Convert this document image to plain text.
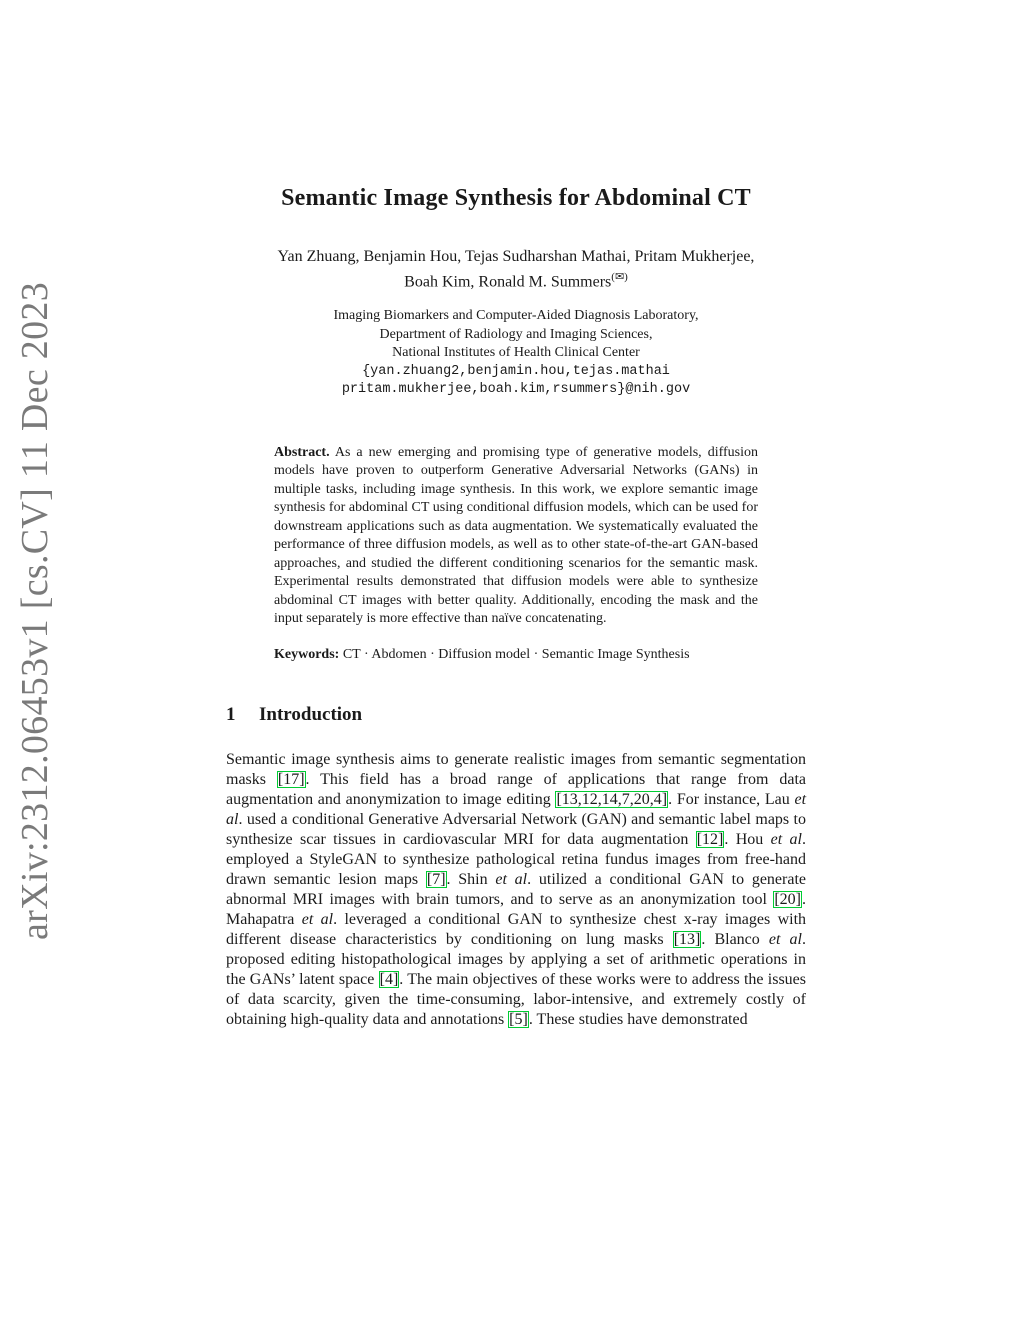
arXiv:2312.06453v1 [cs.CV] 11 Dec 2023
Semantic Image Synthesis for Abdominal CT
Yan Zhuang, Benjamin Hou, Tejas Sudharshan Mathai, Pritam Mukherjee,
Boah Kim, Ronald M. Summers(✉)
Imaging Biomarkers and Computer-Aided Diagnosis Laboratory,
Department of Radiology and Imaging Sciences,
National Institutes of Health Clinical Center
{yan.zhuang2,benjamin.hou,tejas.mathai
pritam.mukherjee,boah.kim,rsummers}@nih.gov
Abstract. As a new emerging and promising type of generative models, diffusion models have proven to outperform Generative Adversarial Networks (GANs) in multiple tasks, including image synthesis. In this work, we explore semantic image synthesis for abdominal CT using conditional diffusion models, which can be used for downstream applications such as data augmentation. We systematically evaluated the performance of three diffusion models, as well as to other state-of-the-art GAN-based approaches, and studied the different conditioning scenarios for the semantic mask. Experimental results demonstrated that diffusion models were able to synthesize abdominal CT images with better quality. Additionally, encoding the mask and the input separately is more effective than naïve concatenating.
Keywords: CT · Abdomen · Diffusion model · Semantic Image Synthesis
1 Introduction

Semantic image synthesis aims to generate realistic images from semantic segmentation masks [17]. This field has a broad range of applications that range from data augmentation and anonymization to image editing [13,12,14,7,20,4]. For instance, Lau et al. used a conditional Generative Adversarial Network (GAN) and semantic label maps to synthesize scar tissues in cardiovascular MRI for data augmentation [12]. Hou et al. employed a StyleGAN to synthesize pathological retina fundus images from free-hand drawn semantic lesion maps [7]. Shin et al. utilized a conditional GAN to generate abnormal MRI images with brain tumors, and to serve as an anonymization tool [20]. Mahapatra et al. leveraged a conditional GAN to synthesize chest x-ray images with different disease characteristics by conditioning on lung masks [13]. Blanco et al. proposed editing histopathological images by applying a set of arithmetic operations in the GANs’ latent space [4]. The main objectives of these works were to address the issues of data scarcity, given the time-consuming, labor-intensive, and extremely costly of obtaining high-quality data and annotations [5]. These studies have demonstrated
